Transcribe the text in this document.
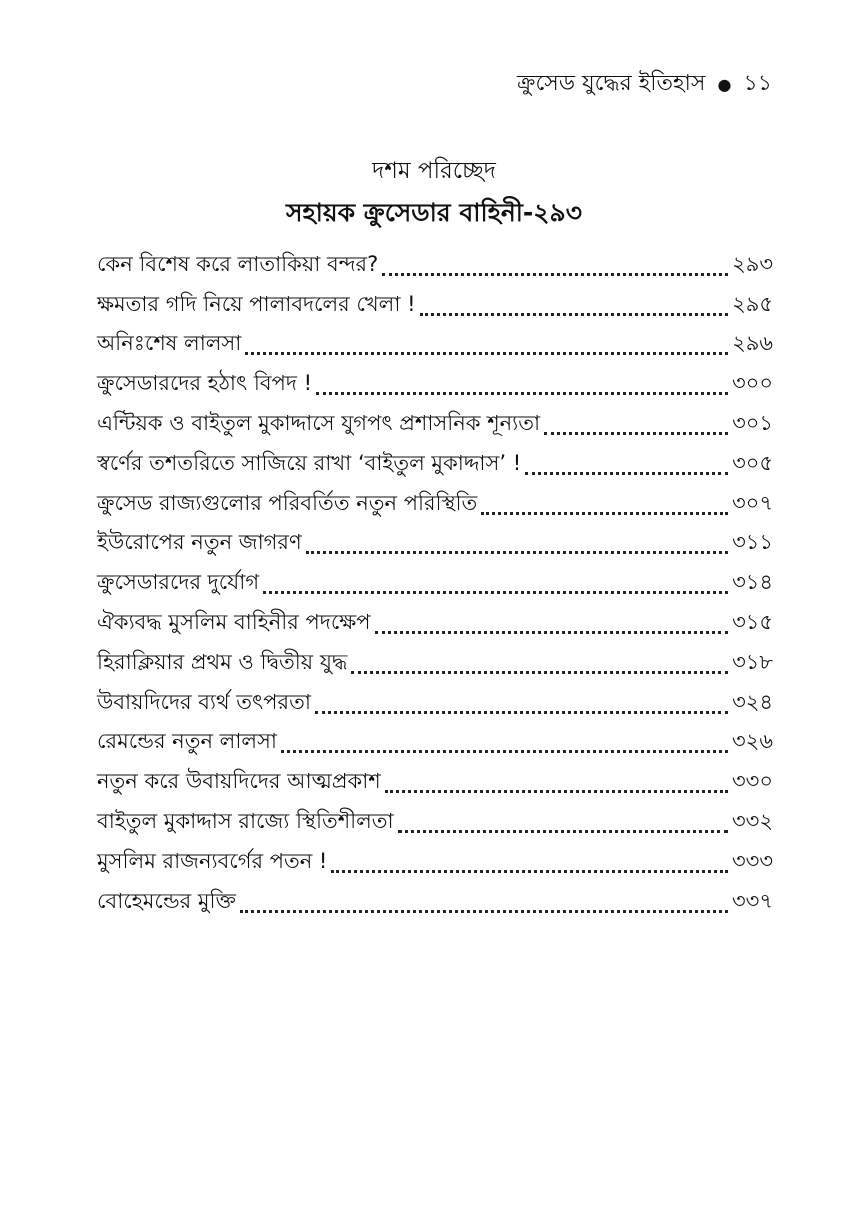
ক্রুসেড যুদ্ধের ইতিহাস ● ১১
দশম পরিচ্ছেদ
সহায়ক ক্রুসেডার বাহিনী-২৯৩
কেন বিশেষ করে লাতাকিয়া বন্দর?	২৯৩
ক্ষমতার গদি নিয়ে পালাবদলের খেলা !	২৯৫
অনিঃশেষ লালসা	২৯৬
ক্রুসেডারদের হঠাৎ বিপদ !	৩০০
এন্টিয়ক ও বাইতুল মুকাদ্দাসে যুগপৎ প্রশাসনিক শূন্যতা	৩০১
স্বর্ণের তশতরিতে সাজিয়ে রাখা ‘বাইতুল মুকাদ্দাস’ !	৩০৫
ক্রুসেড রাজ্যগুলোর পরিবর্তিত নতুন পরিস্থিতি	৩০৭
ইউরোপের নতুন জাগরণ	৩১১
ক্রুসেডারদের দুর্যোগ	৩১৪
ঐক্যবদ্ধ মুসলিম বাহিনীর পদক্ষেপ	৩১৫
হিরাক্লিয়ার প্রথম ও দ্বিতীয় যুদ্ধ	৩১৮
উবায়দিদের ব্যর্থ তৎপরতা	৩২৪
রেমন্ডের নতুন লালসা	৩২৬
নতুন করে উবায়দিদের আত্মপ্রকাশ	৩৩০
বাইতুল মুকাদ্দাস রাজ্যে স্থিতিশীলতা	৩৩২
মুসলিম রাজন্যবর্গের পতন !	৩৩৩
বোহেমন্ডের মুক্তি	৩৩৭
